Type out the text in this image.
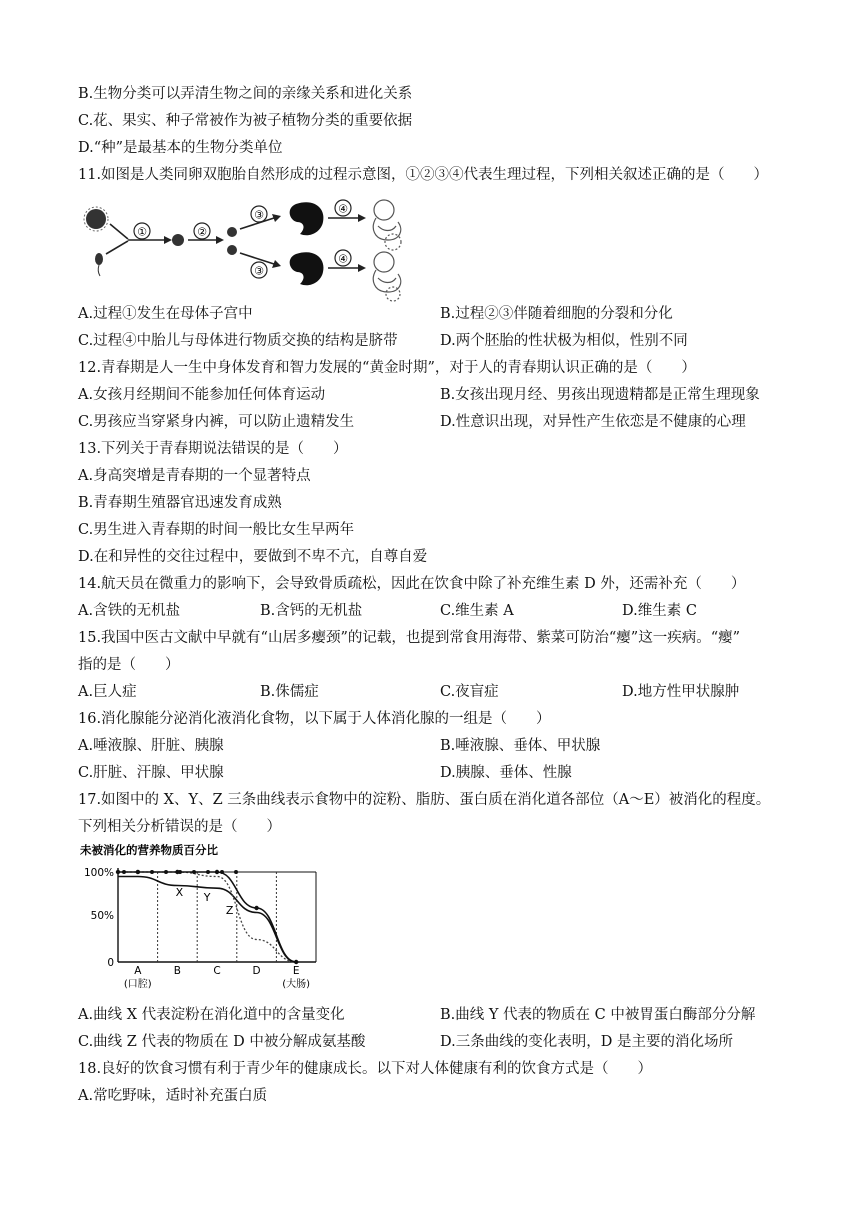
B.生物分类可以弄清生物之间的亲缘关系和进化关系
C.花、果实、种子常被作为被子植物分类的重要依据
D.“种”是最基本的生物分类单位
11.如图是人类同卵双胞胎自然形成的过程示意图，①②③④代表生理过程，下列相关叙述正确的是（　　）
①	②
③
③
④
④
A.过程①发生在母体子宫中	B.过程②③伴随着细胞的分裂和分化
C.过程④中胎儿与母体进行物质交换的结构是脐带	D.两个胚胎的性状极为相似，性别不同
12.青春期是人一生中身体发育和智力发展的“黄金时期”，对于人的青春期认识正确的是（　　）
A.女孩月经期间不能参加任何体育运动	B.女孩出现月经、男孩出现遗精都是正常生理现象
C.男孩应当穿紧身内裤，可以防止遗精发生	D.性意识出现，对异性产生依恋是不健康的心理
13.下列关于青春期说法错误的是（　　）
A.身高突增是青春期的一个显著特点
B.青春期生殖器官迅速发育成熟
C.男生进入青春期的时间一般比女生早两年
D.在和异性的交往过程中，要做到不卑不亢，自尊自爱
14.航天员在微重力的影响下，会导致骨质疏松，因此在饮食中除了补充维生素 D 外，还需补充（　　）
A.含铁的无机盐	B.含钙的无机盐	C.维生素 A	D.维生素 C
15.我国中医古文献中早就有“山居多瘿颈”的记载，也提到常食用海带、紫菜可防治“瘿”这一疾病。“瘿”
指的是（　　）
A.巨人症	B.侏儒症	C.夜盲症	D.地方性甲状腺肿
16.消化腺能分泌消化液消化食物，以下属于人体消化腺的一组是（　　）
A.唾液腺、肝脏、胰腺	B.唾液腺、垂体、甲状腺
C.肝脏、汗腺、甲状腺	D.胰腺、垂体、性腺
17.如图中的 X、Y、Z 三条曲线表示食物中的淀粉、脂肪、蛋白质在消化道各部位（A～E）被消化的程度。
下列相关分析错误的是（　　）
未被消化的营养物质百分比
100%
50%
0
A
(口腔)
B	C	D	E
(大肠)
X Y
Z
A.曲线 X 代表淀粉在消化道中的含量变化	B.曲线 Y 代表的物质在 C 中被胃蛋白酶部分分解
C.曲线 Z 代表的物质在 D 中被分解成氨基酸	D.三条曲线的变化表明，D 是主要的消化场所
18.良好的饮食习惯有利于青少年的健康成长。以下对人体健康有利的饮食方式是（　　）
A.常吃野味，适时补充蛋白质
